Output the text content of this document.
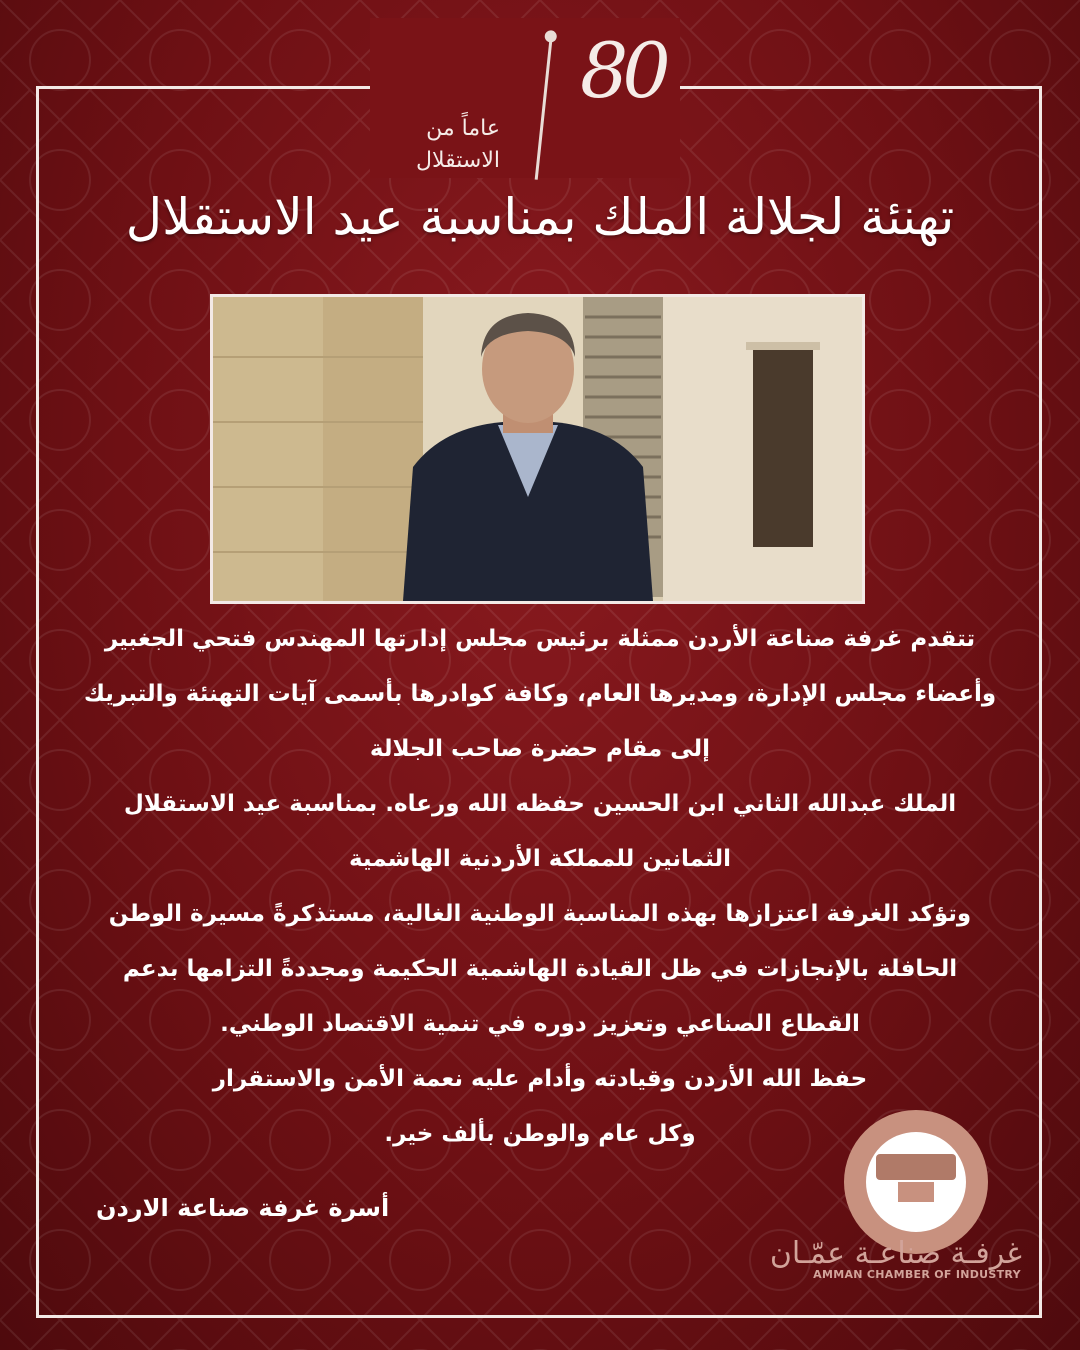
80
عاماً من
الاستقلال
تهنئة لجلالة الملك بمناسبة عيد الاستقلال
تتقدم غرفة صناعة الأردن ممثلة برئيس مجلس إدارتها المهندس فتحي الجغبير
وأعضاء مجلس الإدارة، ومديرها العام، وكافة كوادرها بأسمى آيات التهنئة والتبريك
إلى مقام حضرة صاحب الجلالة
الملك عبدالله الثاني ابن الحسين حفظه الله ورعاه. بمناسبة عيد الاستقلال
الثمانين للمملكة الأردنية الهاشمية
وتؤكد الغرفة اعتزازها بهذه المناسبة الوطنية الغالية، مستذكرةً مسيرة الوطن
الحافلة بالإنجازات في ظل القيادة الهاشمية الحكيمة ومجددةً التزامها بدعم
القطاع الصناعي وتعزيز دوره في تنمية الاقتصاد الوطني.
حفظ الله الأردن وقيادته وأدام عليه نعمة الأمن والاستقرار
وكل عام والوطن بألف خير.
أسرة غرفة صناعة الاردن
غرفـة صناعـة عمّـان
AMMAN CHAMBER OF INDUSTRY
